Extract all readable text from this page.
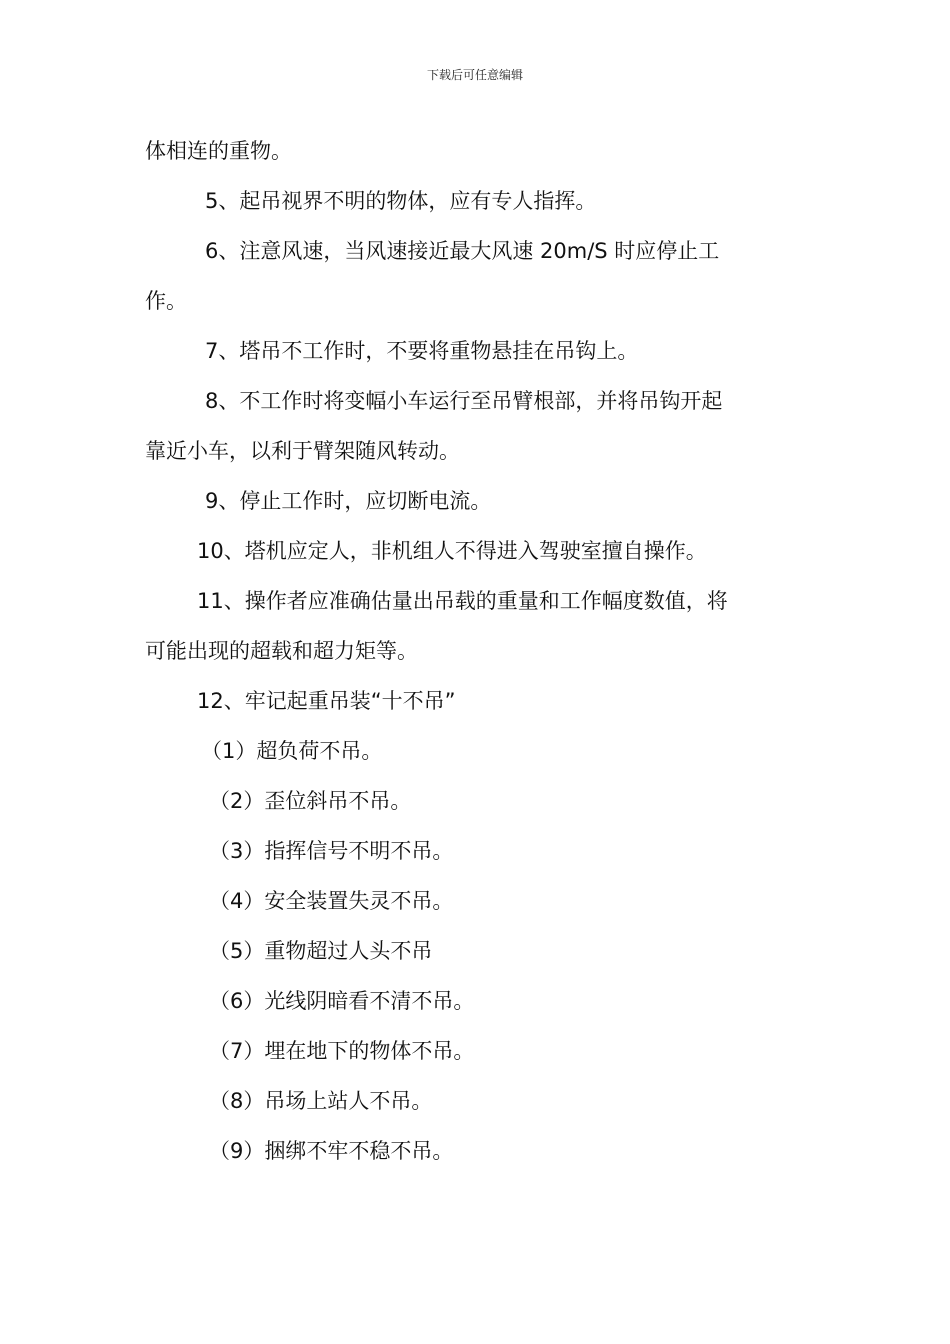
下载后可任意编辑
体相连的重物。
5、起吊视界不明的物体，应有专人指挥。
6、注意风速，当风速接近最大风速 20m/S 时应停止工
作。
7、塔吊不工作时，不要将重物悬挂在吊钩上。
8、不工作时将变幅小车运行至吊臂根部，并将吊钩开起
靠近小车，以利于臂架随风转动。
9、停止工作时，应切断电流。
10、塔机应定人，非机组人不得进入驾驶室擅自操作。
11、操作者应准确估量出吊载的重量和工作幅度数值，将
可能出现的超载和超力矩等。
12、牢记起重吊装“十不吊”
（1）超负荷不吊。
（2）歪位斜吊不吊。
（3）指挥信号不明不吊。
（4）安全装置失灵不吊。
（5）重物超过人头不吊
（6）光线阴暗看不清不吊。
（7）埋在地下的物体不吊。
（8）吊场上站人不吊。
（9）捆绑不牢不稳不吊。
